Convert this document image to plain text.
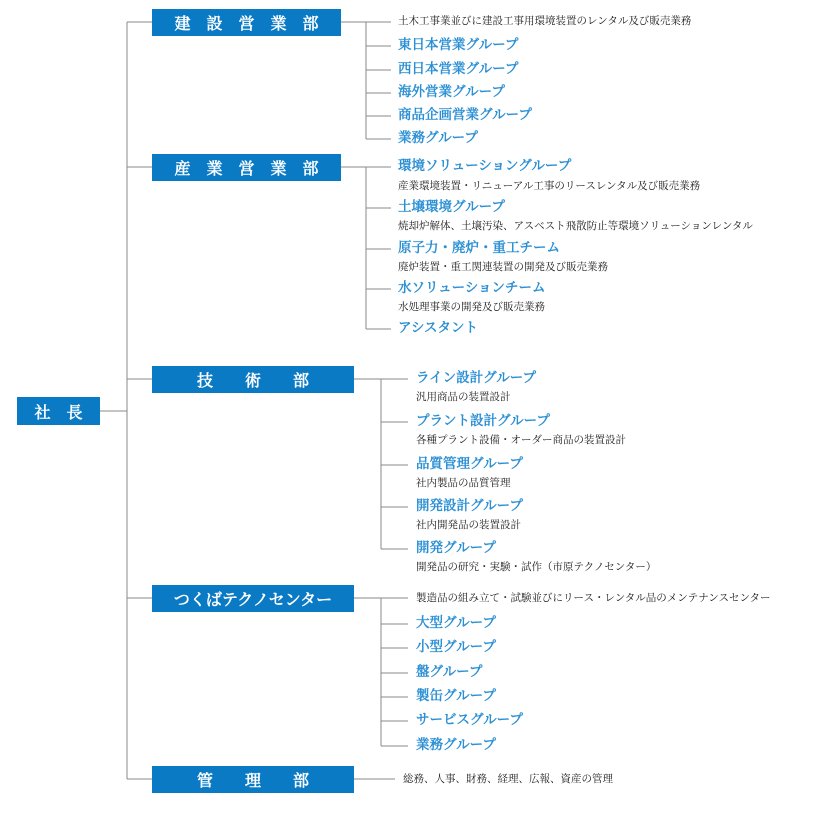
社　長
建　設　営　業　部
産　業　営　業　部
技　　術　　部
つくばテクノセンター
管　　理　　部
土木工事業並びに建設工事用環境装置のレンタル及び販売業務
東日本営業グループ
西日本営業グループ
海外営業グループ
商品企画営業グループ
業務グループ
環境ソリューショングループ
産業環境装置・リニューアル工事のリースレンタル及び販売業務
土壌環境グループ
焼却炉解体、土壌汚染、アスベスト飛散防止等環境ソリューションレンタル
原子力・廃炉・重工チーム
廃炉装置・重工関連装置の開発及び販売業務
水ソリューションチーム
水処理事業の開発及び販売業務
アシスタント
ライン設計グループ
汎用商品の装置設計
プラント設計グループ
各種プラント設備・オーダー商品の装置設計
品質管理グループ
社内製品の品質管理
開発設計グループ
社内開発品の装置設計
開発グループ
開発品の研究・実験・試作（市原テクノセンター）
製造品の組み立て・試験並びにリース・レンタル品のメンテナンスセンター
大型グループ
小型グループ
盤グループ
製缶グループ
サービスグループ
業務グループ
総務、人事、財務、経理、広報、資産の管理
